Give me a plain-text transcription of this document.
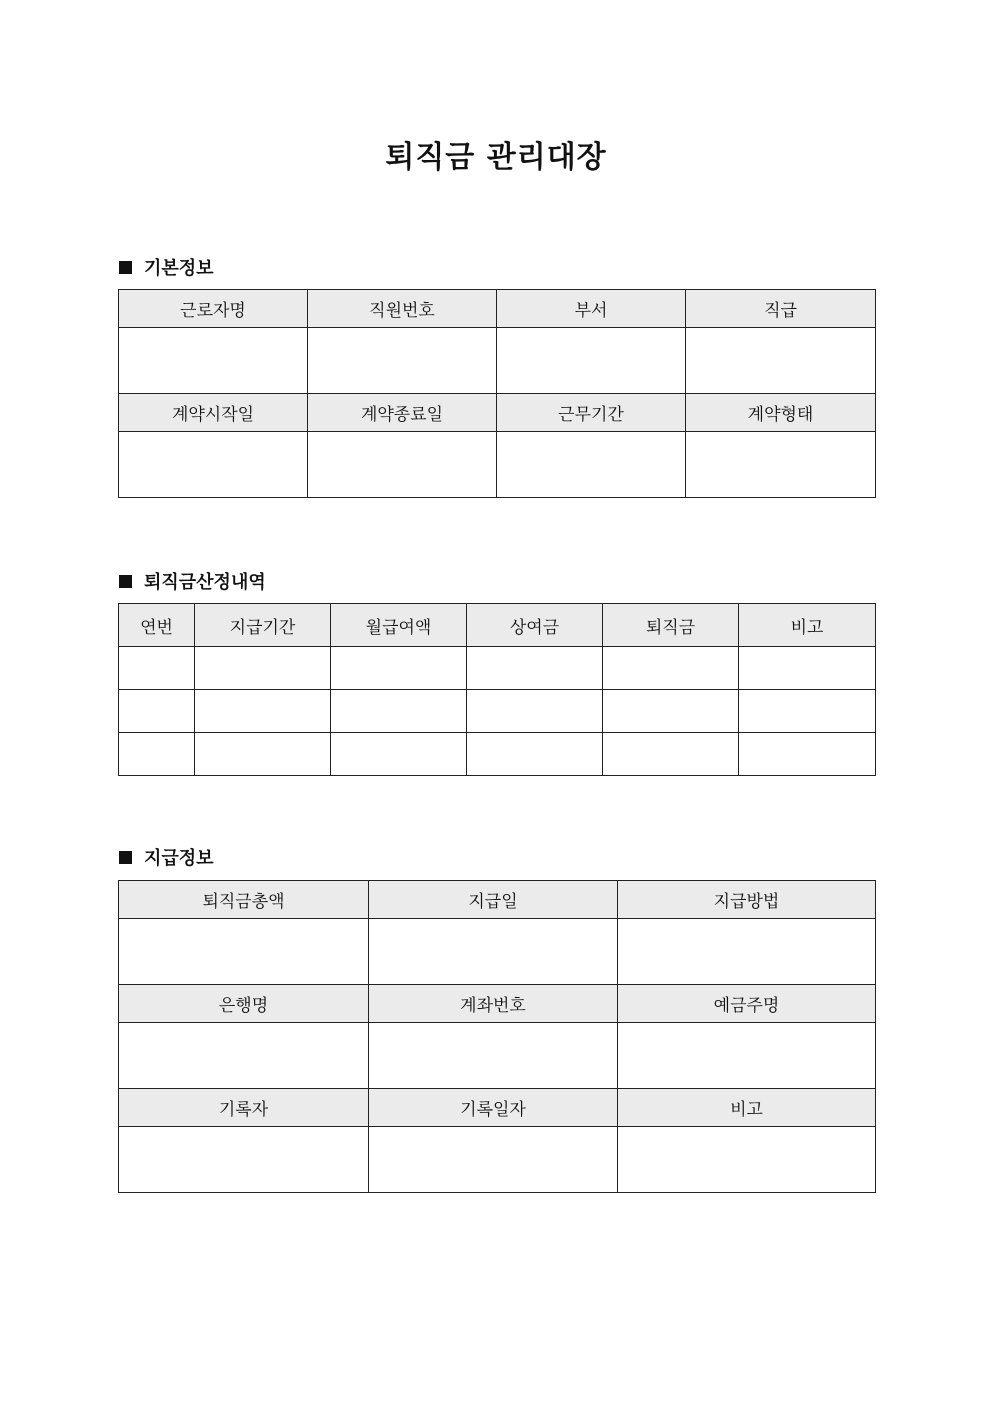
퇴직금 관리대장
기본정보
근로자명	직원번호	부서	직급

계약시작일	계약종료일	근무기간	계약형태

퇴직금산정내역
연번	지급기간	월급여액	상여금	퇴직금	비고

지급정보
퇴직금총액	지급일	지급방법

은행명	계좌번호	예금주명

기록자	기록일자	비고
